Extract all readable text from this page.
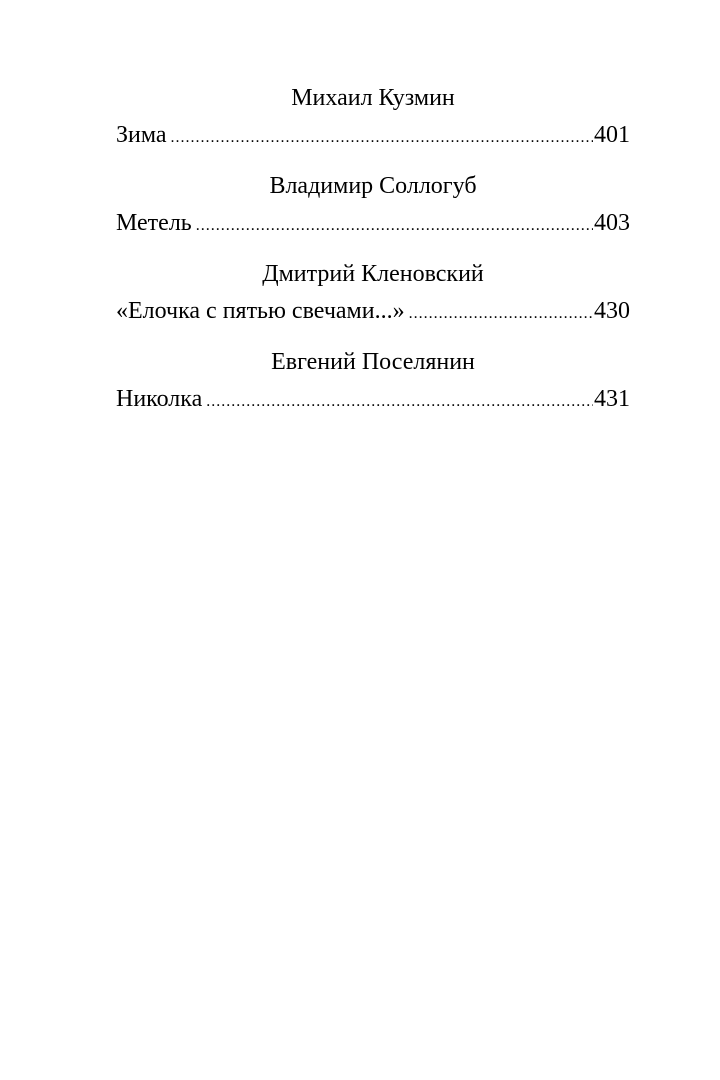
Михаил Кузмин
Зима .....	401
Владимир Соллогуб
Метель .....	403
Дмитрий Кленовский
«Елочка с пятью свечами...» .....	430
Евгений Поселянин
Николка .....	431
